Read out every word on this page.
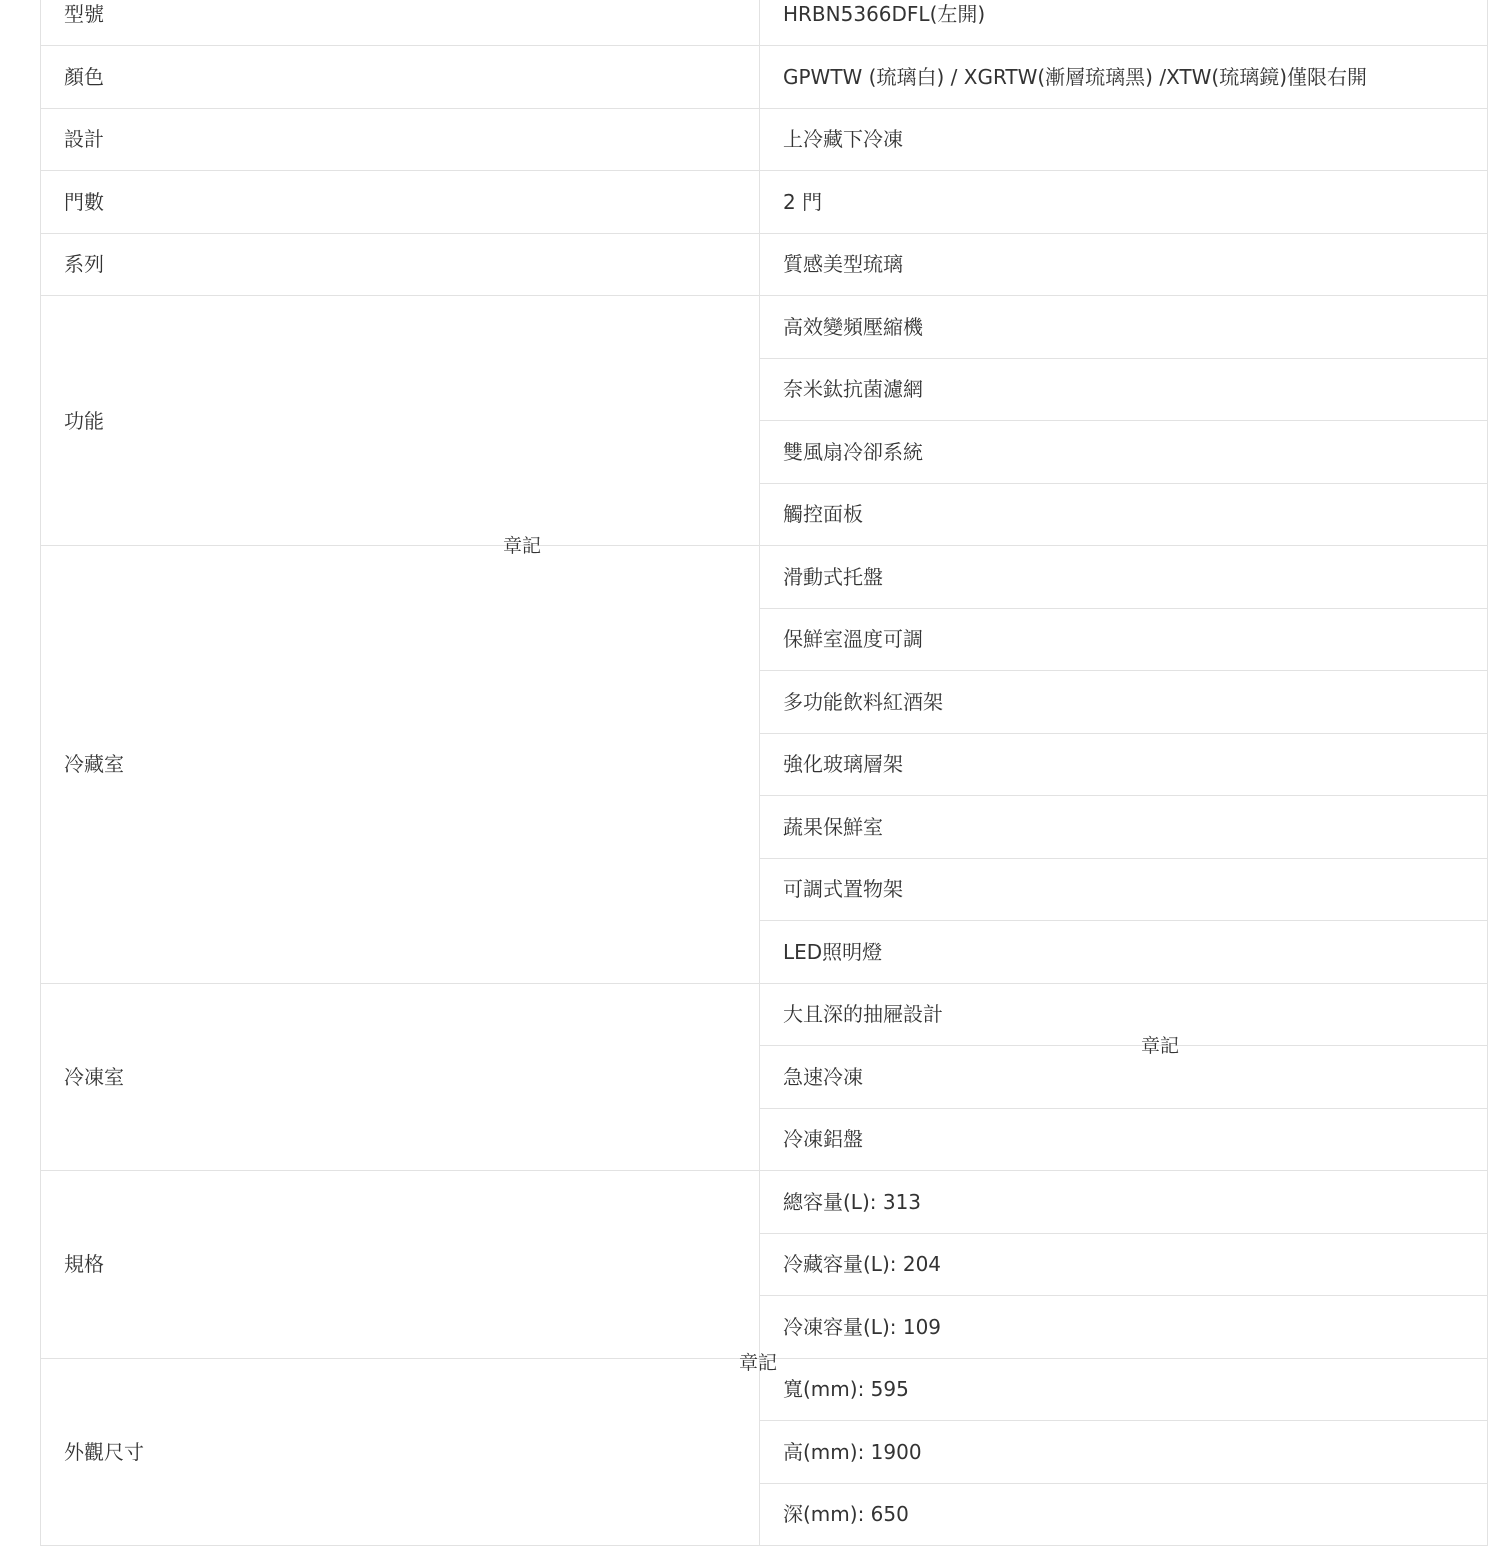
型號	HRBN5366DFL(左開)
顏色	GPWTW (琉璃白) / XGRTW(漸層琉璃黑) /XTW(琉璃鏡)僅限右開
設計	上冷藏下冷凍
門數	2 門
系列	質感美型琉璃
功能	高效變頻壓縮機
	奈米鈦抗菌濾網
	雙風扇冷卻系統
	觸控面板
冷藏室	滑動式托盤
	保鮮室溫度可調
	多功能飲料紅酒架
	強化玻璃層架
	蔬果保鮮室
	可調式置物架
	LED照明燈
冷凍室	大且深的抽屜設計
	急速冷凍
	冷凍鋁盤
規格	總容量(L): 313
	冷藏容量(L): 204
	冷凍容量(L): 109
外觀尺寸	寬(mm): 595
	高(mm): 1900
	深(mm): 650
章記
章記
章記
